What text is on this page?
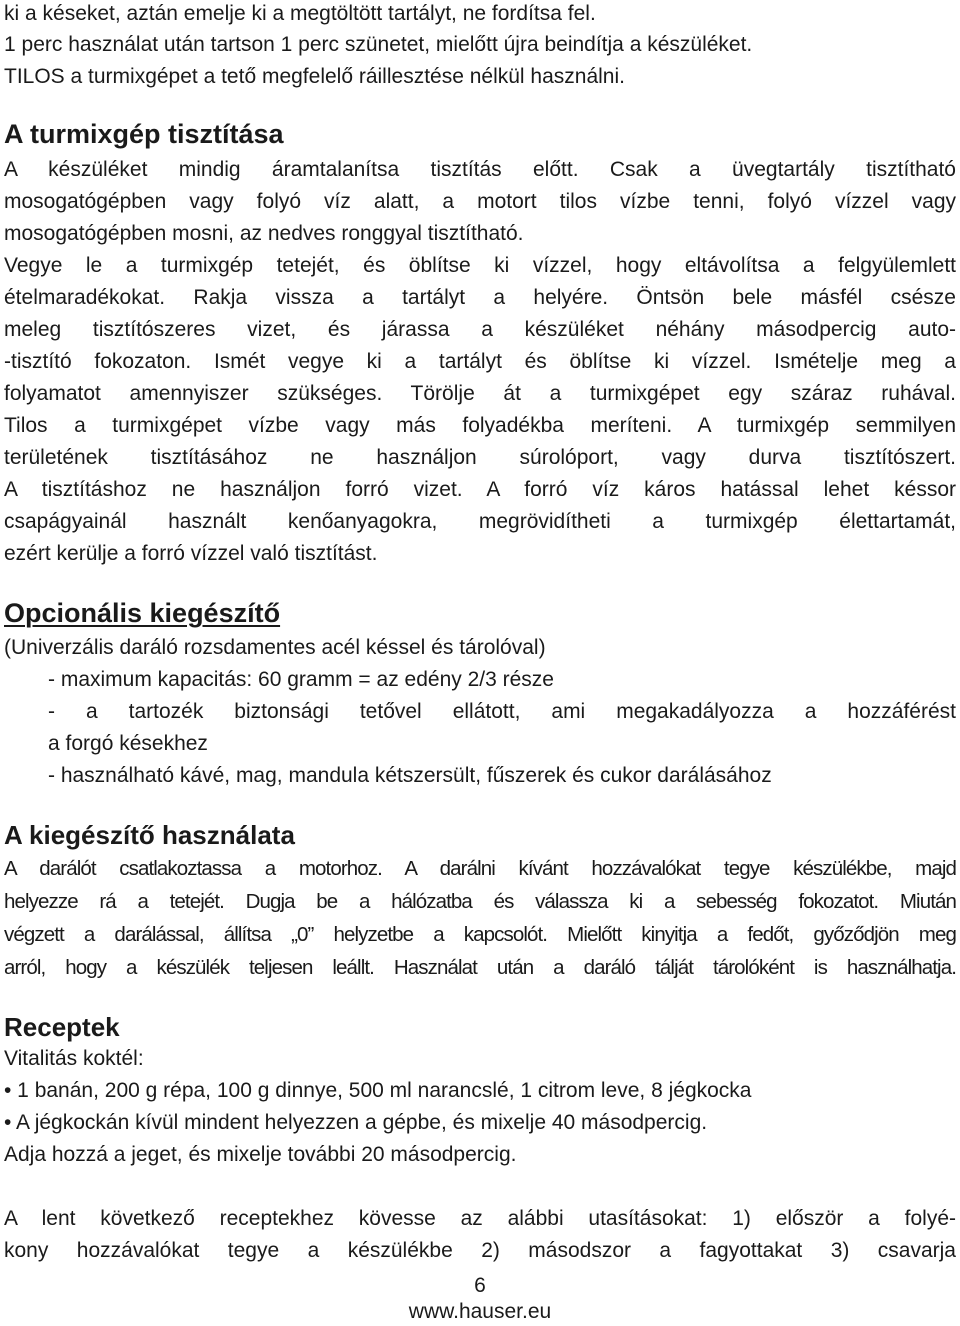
ki a késeket, aztán emelje ki a megtöltött tartályt, ne fordítsa fel.
1 perc használat után tartson 1 perc szünetet, mielőtt újra beindítja a készüléket.
TILOS a turmixgépet a tető megfelelő ráillesztése nélkül használni.
A turmixgép tisztítása
A készüléket mindig áramtalanítsa tisztítás előtt. Csak a üvegtartály tisztítható
mosogatógépben vagy folyó víz alatt, a motort tilos vízbe tenni, folyó vízzel vagy
mosogatógépben mosni, az nedves ronggyal tisztítható.
Vegye le a turmixgép tetejét, és öblítse ki vízzel, hogy eltávolítsa a felgyülemlett
ételmaradékokat. Rakja vissza a tartályt a helyére. Öntsön bele másfél csésze
meleg tisztítószeres vizet, és járassa a készüléket néhány másodpercig auto-
-tisztító fokozaton. Ismét vegye ki a tartályt és öblítse ki vízzel. Ismételje meg a
folyamatot amennyiszer szükséges. Törölje át a turmixgépet egy száraz ruhával.
Tilos a turmixgépet vízbe vagy más folyadékba meríteni. A turmixgép semmilyen
területének tisztításához ne használjon súrolóport, vagy durva tisztítószert.
A tisztításhoz ne használjon forró vizet. A forró víz káros hatással lehet késsor
csapágyainál használt kenőanyagokra, megrövidítheti a turmixgép élettartamát,
ezért kerülje a forró vízzel való tisztítást.
Opcionális kiegészítő
(Univerzális daráló rozsdamentes acél késsel és tárolóval)
- maximum kapacitás: 60 gramm = az edény 2/3 része
- a tartozék biztonsági tetővel ellátott, ami megakadályozza a hozzáférést
a forgó késekhez
- használható kávé, mag, mandula kétszersült, fűszerek és cukor darálásához
A kiegészítő használata
A darálót csatlakoztassa a motorhoz. A darálni kívánt hozzávalókat tegye készülékbe, majd
helyezze rá a tetejét. Dugja be a hálózatba és válassza ki a sebesség fokozatot. Miután
végzett a darálással, állítsa „0” helyzetbe a kapcsolót. Mielőtt kinyitja a fedőt, győződjön meg
arról, hogy a készülék teljesen leállt. Használat után a daráló tálját tárolóként is használhatja.
Receptek
Vitalitás koktél:
• 1 banán, 200 g répa, 100 g dinnye, 500 ml narancslé, 1 citrom leve, 8 jégkocka
• A jégkockán kívül mindent helyezzen a gépbe, és mixelje 40 másodpercig.
Adja hozzá a jeget, és mixelje további 20 másodpercig.
A lent következő receptekhez kövesse az alábbi utasításokat: 1) először a folyé-
kony hozzávalókat tegye a készülékbe 2) másodszor a fagyottakat 3) csavarja
6
www.hauser.eu
